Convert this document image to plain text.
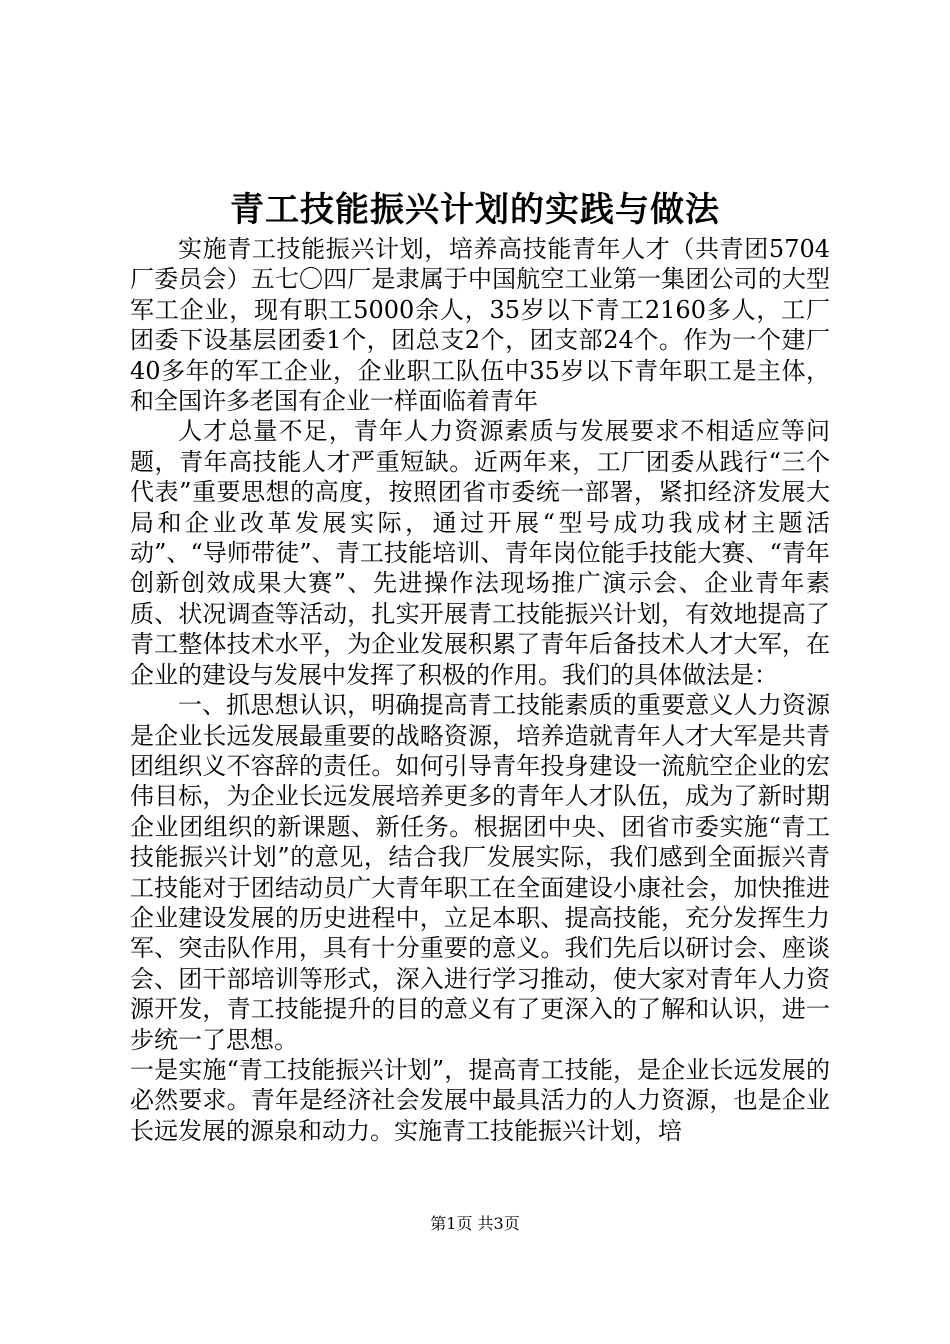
青工技能振兴计划的实践与做法

实施青工技能振兴计划，培养高技能青年人才（共青团5704厂委员会）五七〇四厂是隶属于中国航空工业第一集团公司的大型军工企业，现有职工5000余人，35岁以下青工2160多人，工厂团委下设基层团委1个，团总支2个，团支部24个。作为一个建厂40多年的军工企业，企业职工队伍中35岁以下青年职工是主体，和全国许多老国有企业一样面临着青年

人才总量不足，青年人力资源素质与发展要求不相适应等问题，青年高技能人才严重短缺。近两年来，工厂团委从践行“三个代表”重要思想的高度，按照团省市委统一部署，紧扣经济发展大局和企业改革发展实际，通过开展“型号成功我成材主题活动”、“导师带徒”、青工技能培训、青年岗位能手技能大赛、“青年创新创效成果大赛”、先进操作法现场推广演示会、企业青年素质、状况调查等活动，扎实开展青工技能振兴计划，有效地提高了青工整体技术水平，为企业发展积累了青年后备技术人才大军，在企业的建设与发展中发挥了积极的作用。我们的具体做法是：

一、抓思想认识，明确提高青工技能素质的重要意义人力资源是企业长远发展最重要的战略资源，培养造就青年人才大军是共青团组织义不容辞的责任。如何引导青年投身建设一流航空企业的宏伟目标，为企业长远发展培养更多的青年人才队伍，成为了新时期企业团组织的新课题、新任务。根据团中央、团省市委实施“青工技能振兴计划”的意见，结合我厂发展实际，我们感到全面振兴青工技能对于团结动员广大青年职工在全面建设小康社会，加快推进企业建设发展的历史进程中，立足本职、提高技能，充分发挥生力军、突击队作用，具有十分重要的意义。我们先后以研讨会、座谈会、团干部培训等形式，深入进行学习推动，使大家对青年人力资源开发，青工技能提升的目的意义有了更深入的了解和认识，进一步统一了思想。

一是实施“青工技能振兴计划”，提高青工技能，是企业长远发展的必然要求。青年是经济社会发展中最具活力的人力资源，也是企业长远发展的源泉和动力。实施青工技能振兴计划，培

第1页 共3页
